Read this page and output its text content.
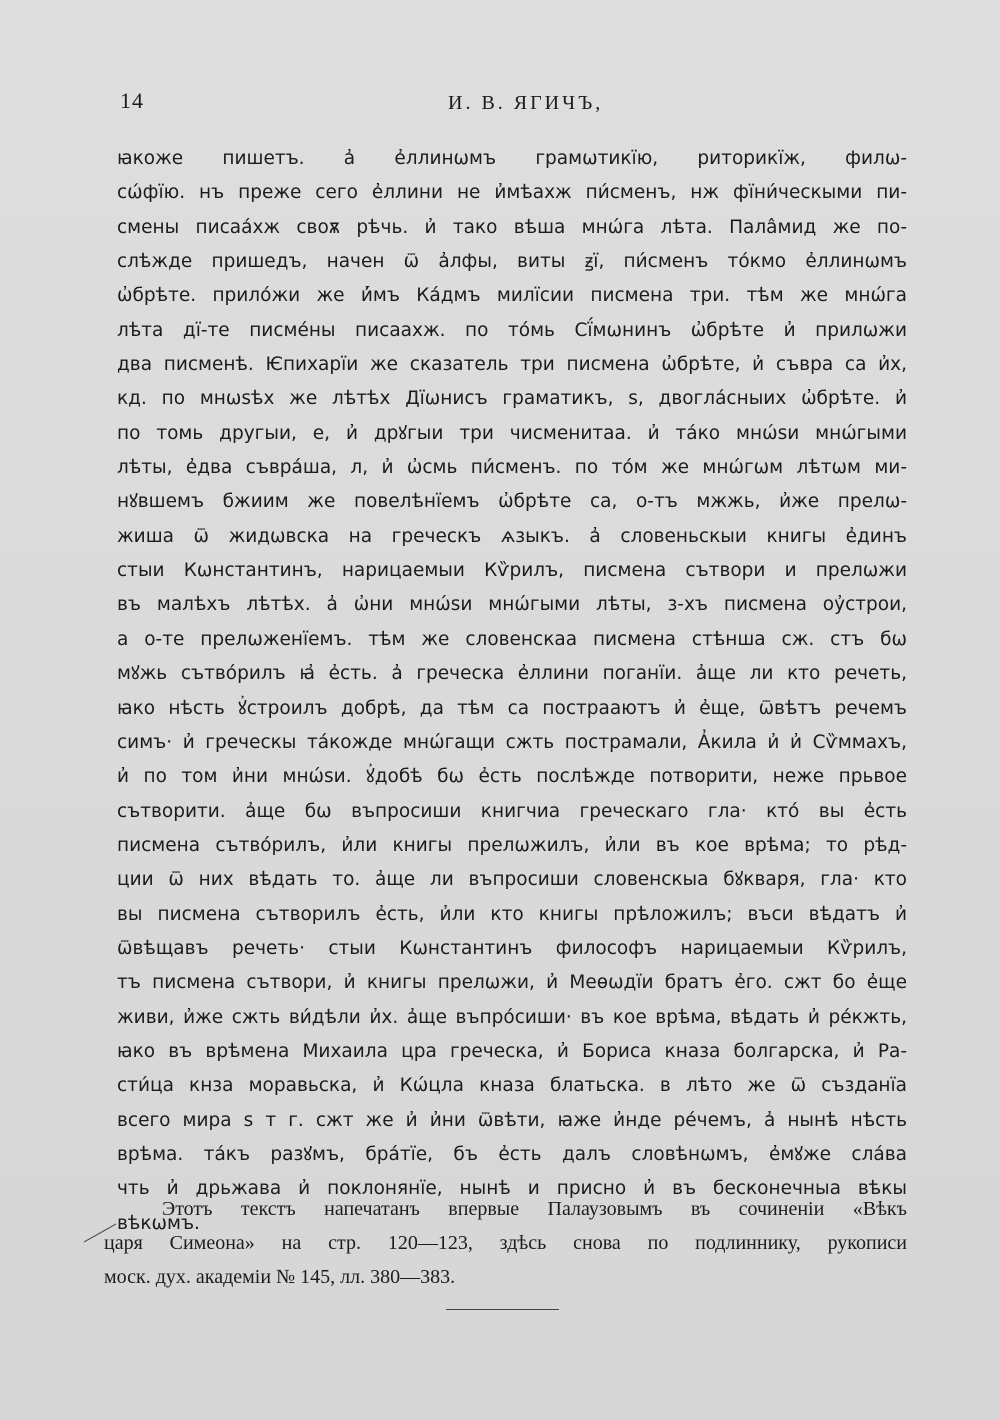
14	И. В. ЯГИЧЪ,
ꙗкоже пишетъ. а҆ е҆ллинωмъ грамωтикїю, риторикїж, филω-
сώфїю. нъ преже сего е҆ллини не и҆мѣахж пи́сменъ, нж фїни́ческыми пи-
смены писаа́хж своѫ рѣчь. и҆ тако вѣша мнѡ́га лѣта. Пала̂мид же по-
слѣжде пришедъ, начен ѿ а҆лфы, виты ꙃї, пи́сменъ то́кмо е҆ллинωмъ
ѡ҆брѣте. прило́жи же и҆́мъ Ка́дмъ милїсии писмена три. тѣм же мнѡ́га
лѣта дї-те писме́ны писаахж. по то́мь Сї́мωнинъ ѡ҆брѣте и҆ прилωжи
два писменѣ. Ѥпихарїи же сказатель три писмена ѡ҆брѣте, и҆ съвра са и҆х,
кд. по мнωѕѣх же лѣтѣх Дїωнисъ граматикъ, ѕ, двогла́сныих ѡ҆брѣте. и҆
по томь другыи, е, и҆ дрꙋгыи три чисменитаа. и҆ та́ко мнѡ́ѕи мнѡ́гыми
лѣты, е҆два съвра́ша, л, и҆ ѡ҆смь пи́сменъ. по то́м же мнѡ́гωм лѣтωм ми-
нꙋвшемъ бжиим же повелѣнїемъ ѡ҆брѣте са, о-тъ мжжь, и҆же прелω-
жиша ѿ жидωвска на греческъ ѧзыкъ. а҆ словеньскыи книгы е҆динъ
стыи Кωнстантинъ, нарицаемыи Кѷрилъ, писмена сътвори и прелωжи
въ малѣхъ лѣтѣх. а҆ ѡ҆ни мнѡ́ѕи мнѡ́гыми лѣты, з-хъ писмена оу҆строи,
а о-те прелωженїемъ. тѣм же словенскаа писмена стѣнша сж. стъ бω
мꙋжь сътво́рилъ ꙗ҆ е҆сть. а҆ греческа е҆ллини поганїи. а҆ще ли кто речеть,
ꙗко нѣсть ꙋ҆строилъ добрѣ, да тѣм са пострааютъ и҆ е҆ще, ѿвѣтъ речемъ
симъ· и҆ греческы та́кожде мнѡ́гащи сжть пострамали, А҆кила и҆ и҆ Сѷммахъ,
и҆ по том и҆ни мнѡ́ѕи. ꙋ҆добѣ бω е҆сть послѣжде потворити, неже прьвое
сътворити. а҆ще бω въпросиши книгчиа греческаго гла· кто́ вы е҆сть
писмена сътво́рилъ, и҆ли книгы прелωжилъ, и҆ли въ кое врѣма; то рѣд-
ции ѿ них вѣдать то. а҆ще ли въпросиши словенскыа бꙋкваря, гла· кто
вы писмена сътворилъ е҆сть, и҆ли кто книгы прѣложилъ; въси вѣдатъ и҆
ѿвѣщавъ речеть· стыи Кωнстантинъ философъ нарицаемыи Кѷрилъ,
тъ писмена сътвори, и҆ книгы прелωжи, и҆ Меѳωдїи братъ е҆го. сжт бо е҆ще
живи, и҆же сжть ви́дѣли и҆х. а҆ще въпро́сиши· въ кое врѣма, вѣдать и҆ ре́кжть,
ꙗко въ врѣмена Михаила цра греческа, и҆ Бориса кназа болгарска, и҆ Ра-
сти́ца кнза моравьска, и҆ Кѡ́цла кназа блатьска. в лѣто же ѿ създанїа
всего мира ѕ т г. сжт же и҆ и҆ни ѿвѣти, ꙗже и҆нде ре́чемъ, а҆ нынѣ нѣсть
врѣма. та́къ разꙋмъ, бра́тїе, бъ е҆сть далъ словѣнωмъ, е҆мꙋже сла́ва
чть и҆ дрьжава и҆ поклонянїе, нынѣ и присно и҆ въ бесконечныа вѣкы
вѣкωмъ.
Этотъ текстъ напечатанъ впервые Палаузовымъ въ сочиненіи «Вѣкъ
царя Симеона» на стр. 120—123, здѣсь снова по подлиннику, рукописи
моск. дух. академіи № 145, лл. 380—383.
